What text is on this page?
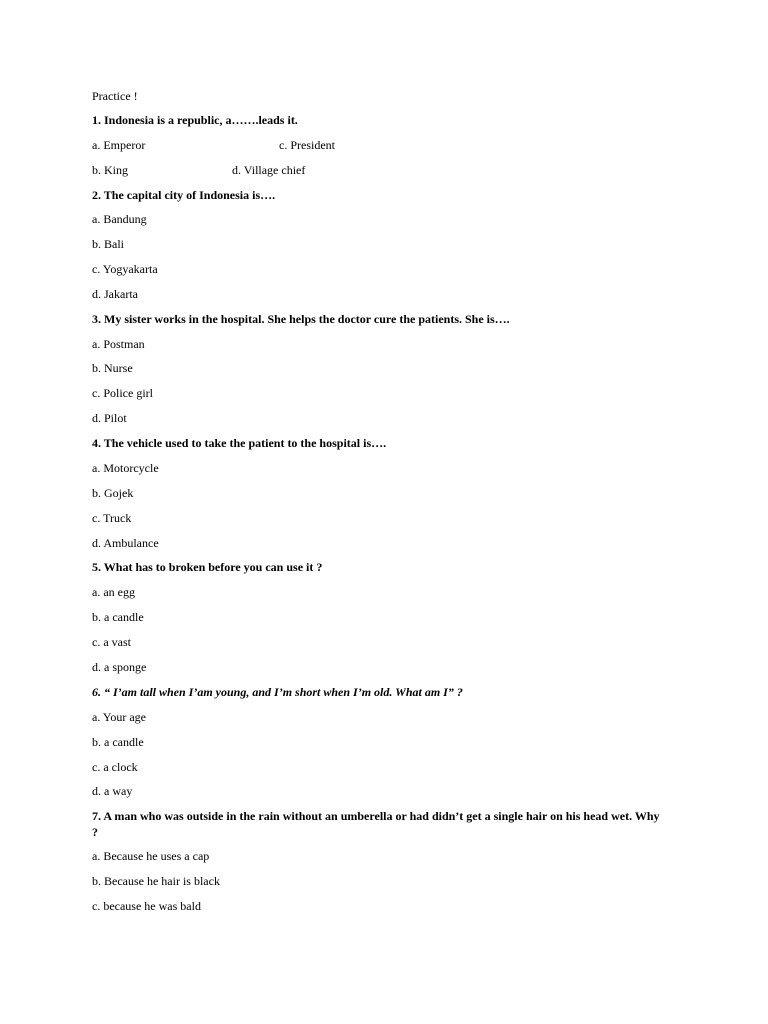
Practice !
1. Indonesia is a republic, a…….leads it.
a. Emperor	c. President
b. King	d. Village chief
2. The capital city of Indonesia is….
a. Bandung
b. Bali
c. Yogyakarta
d. Jakarta
3. My sister works in the hospital. She helps the doctor cure the patients. She is….
a. Postman
b. Nurse
c. Police girl
d. Pilot
4. The vehicle used to take the patient to the hospital is….
a. Motorcycle
b. Gojek
c. Truck
d. Ambulance
5. What has to broken before you can use it ?
a. an egg
b. a candle
c. a vast
d. a sponge
6. “ I’am tall when I’am young, and I’m short when I’m old. What am I” ?
a. Your age
b. a candle
c. a clock
d. a way
7. A man who was outside in the rain without an umberella or had didn’t get a single hair on his head wet. Why ?
a. Because he uses a cap
b. Because he hair is black
c. because he was bald
